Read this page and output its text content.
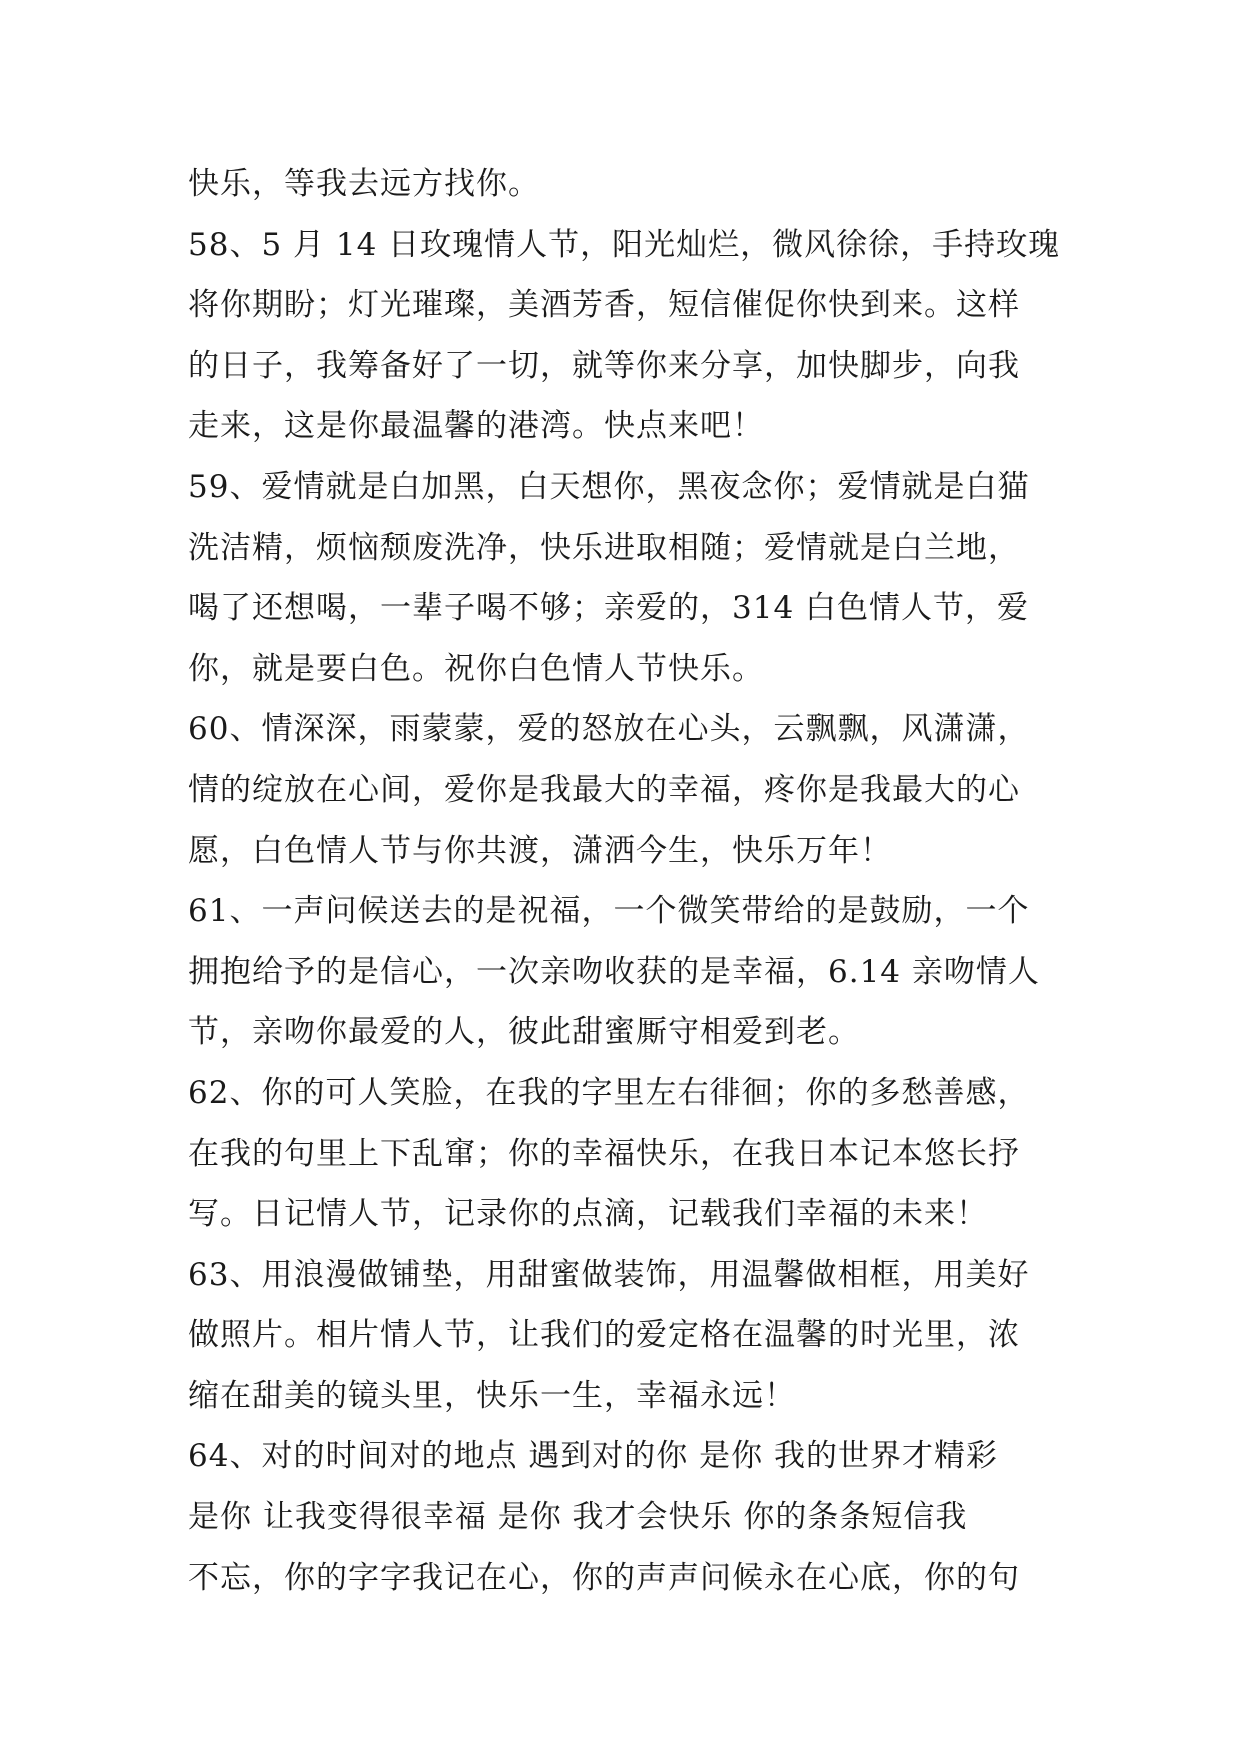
快乐，等我去远方找你。
58、5 月 14 日玫瑰情人节，阳光灿烂，微风徐徐，手持玫瑰
将你期盼；灯光璀璨，美酒芳香，短信催促你快到来。这样
的日子，我筹备好了一切，就等你来分享，加快脚步，向我
走来，这是你最温馨的港湾。快点来吧！
59、爱情就是白加黑，白天想你，黑夜念你；爱情就是白猫
洗洁精，烦恼颓废洗净，快乐进取相随；爱情就是白兰地，
喝了还想喝，一辈子喝不够；亲爱的，314 白色情人节，爱
你，就是要白色。祝你白色情人节快乐。
60、情深深，雨蒙蒙，爱的怒放在心头，云飘飘，风潇潇，
情的绽放在心间，爱你是我最大的幸福，疼你是我最大的心
愿，白色情人节与你共渡，潇洒今生，快乐万年！
61、一声问候送去的是祝福，一个微笑带给的是鼓励，一个
拥抱给予的是信心，一次亲吻收获的是幸福，6.14 亲吻情人
节，亲吻你最爱的人，彼此甜蜜厮守相爱到老。
62、你的可人笑脸，在我的字里左右徘徊；你的多愁善感，
在我的句里上下乱窜；你的幸福快乐，在我日本记本悠长抒
写。日记情人节，记录你的点滴，记载我们幸福的未来！
63、用浪漫做铺垫，用甜蜜做装饰，用温馨做相框，用美好
做照片。相片情人节，让我们的爱定格在温馨的时光里，浓
缩在甜美的镜头里，快乐一生，幸福永远！
64、对的时间对的地点 遇到对的你 是你 我的世界才精彩
是你 让我变得很幸福 是你 我才会快乐 你的条条短信我
不忘，你的字字我记在心，你的声声问候永在心底，你的句
